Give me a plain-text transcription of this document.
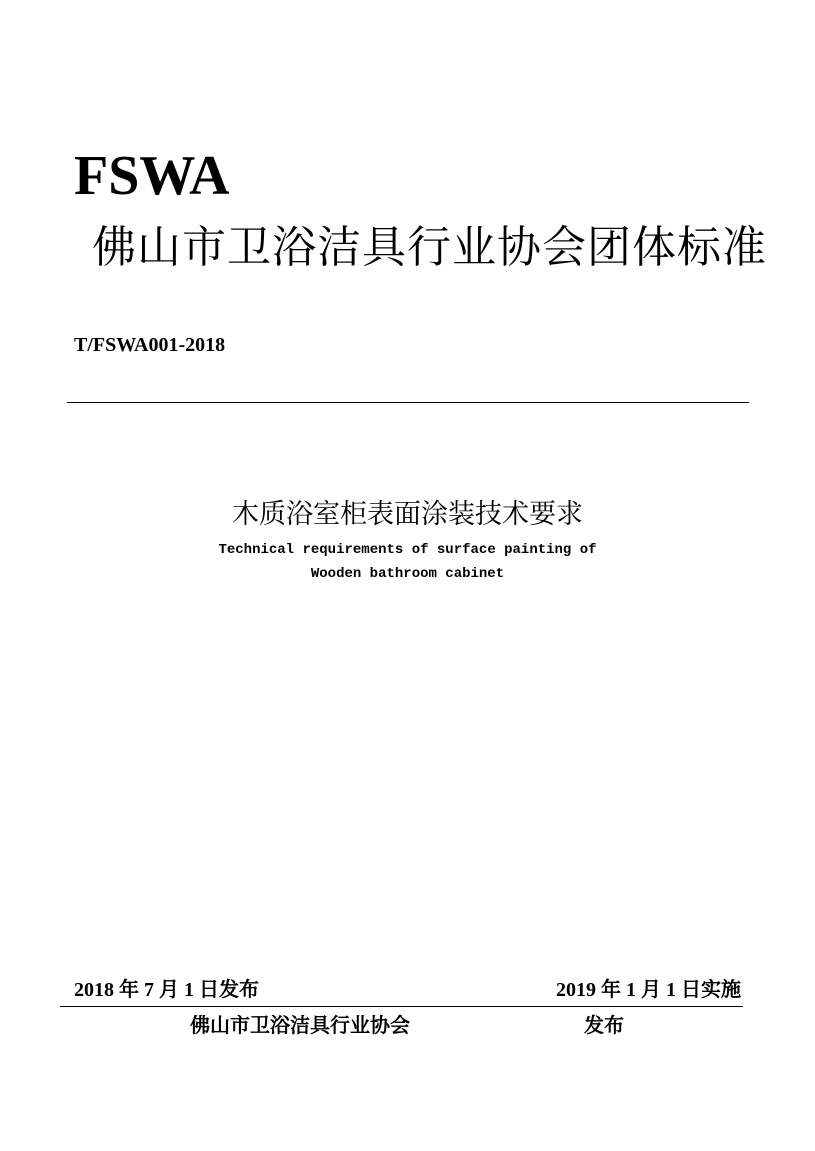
FSWA
佛山市卫浴洁具行业协会团体标准
T/FSWA001-2018
木质浴室柜表面涂装技术要求
Technical requirements of surface painting of
Wooden bathroom cabinet
2018 年 7 月 1 日发布	2019 年 1 月 1 日实施
佛山市卫浴洁具行业协会	发布
